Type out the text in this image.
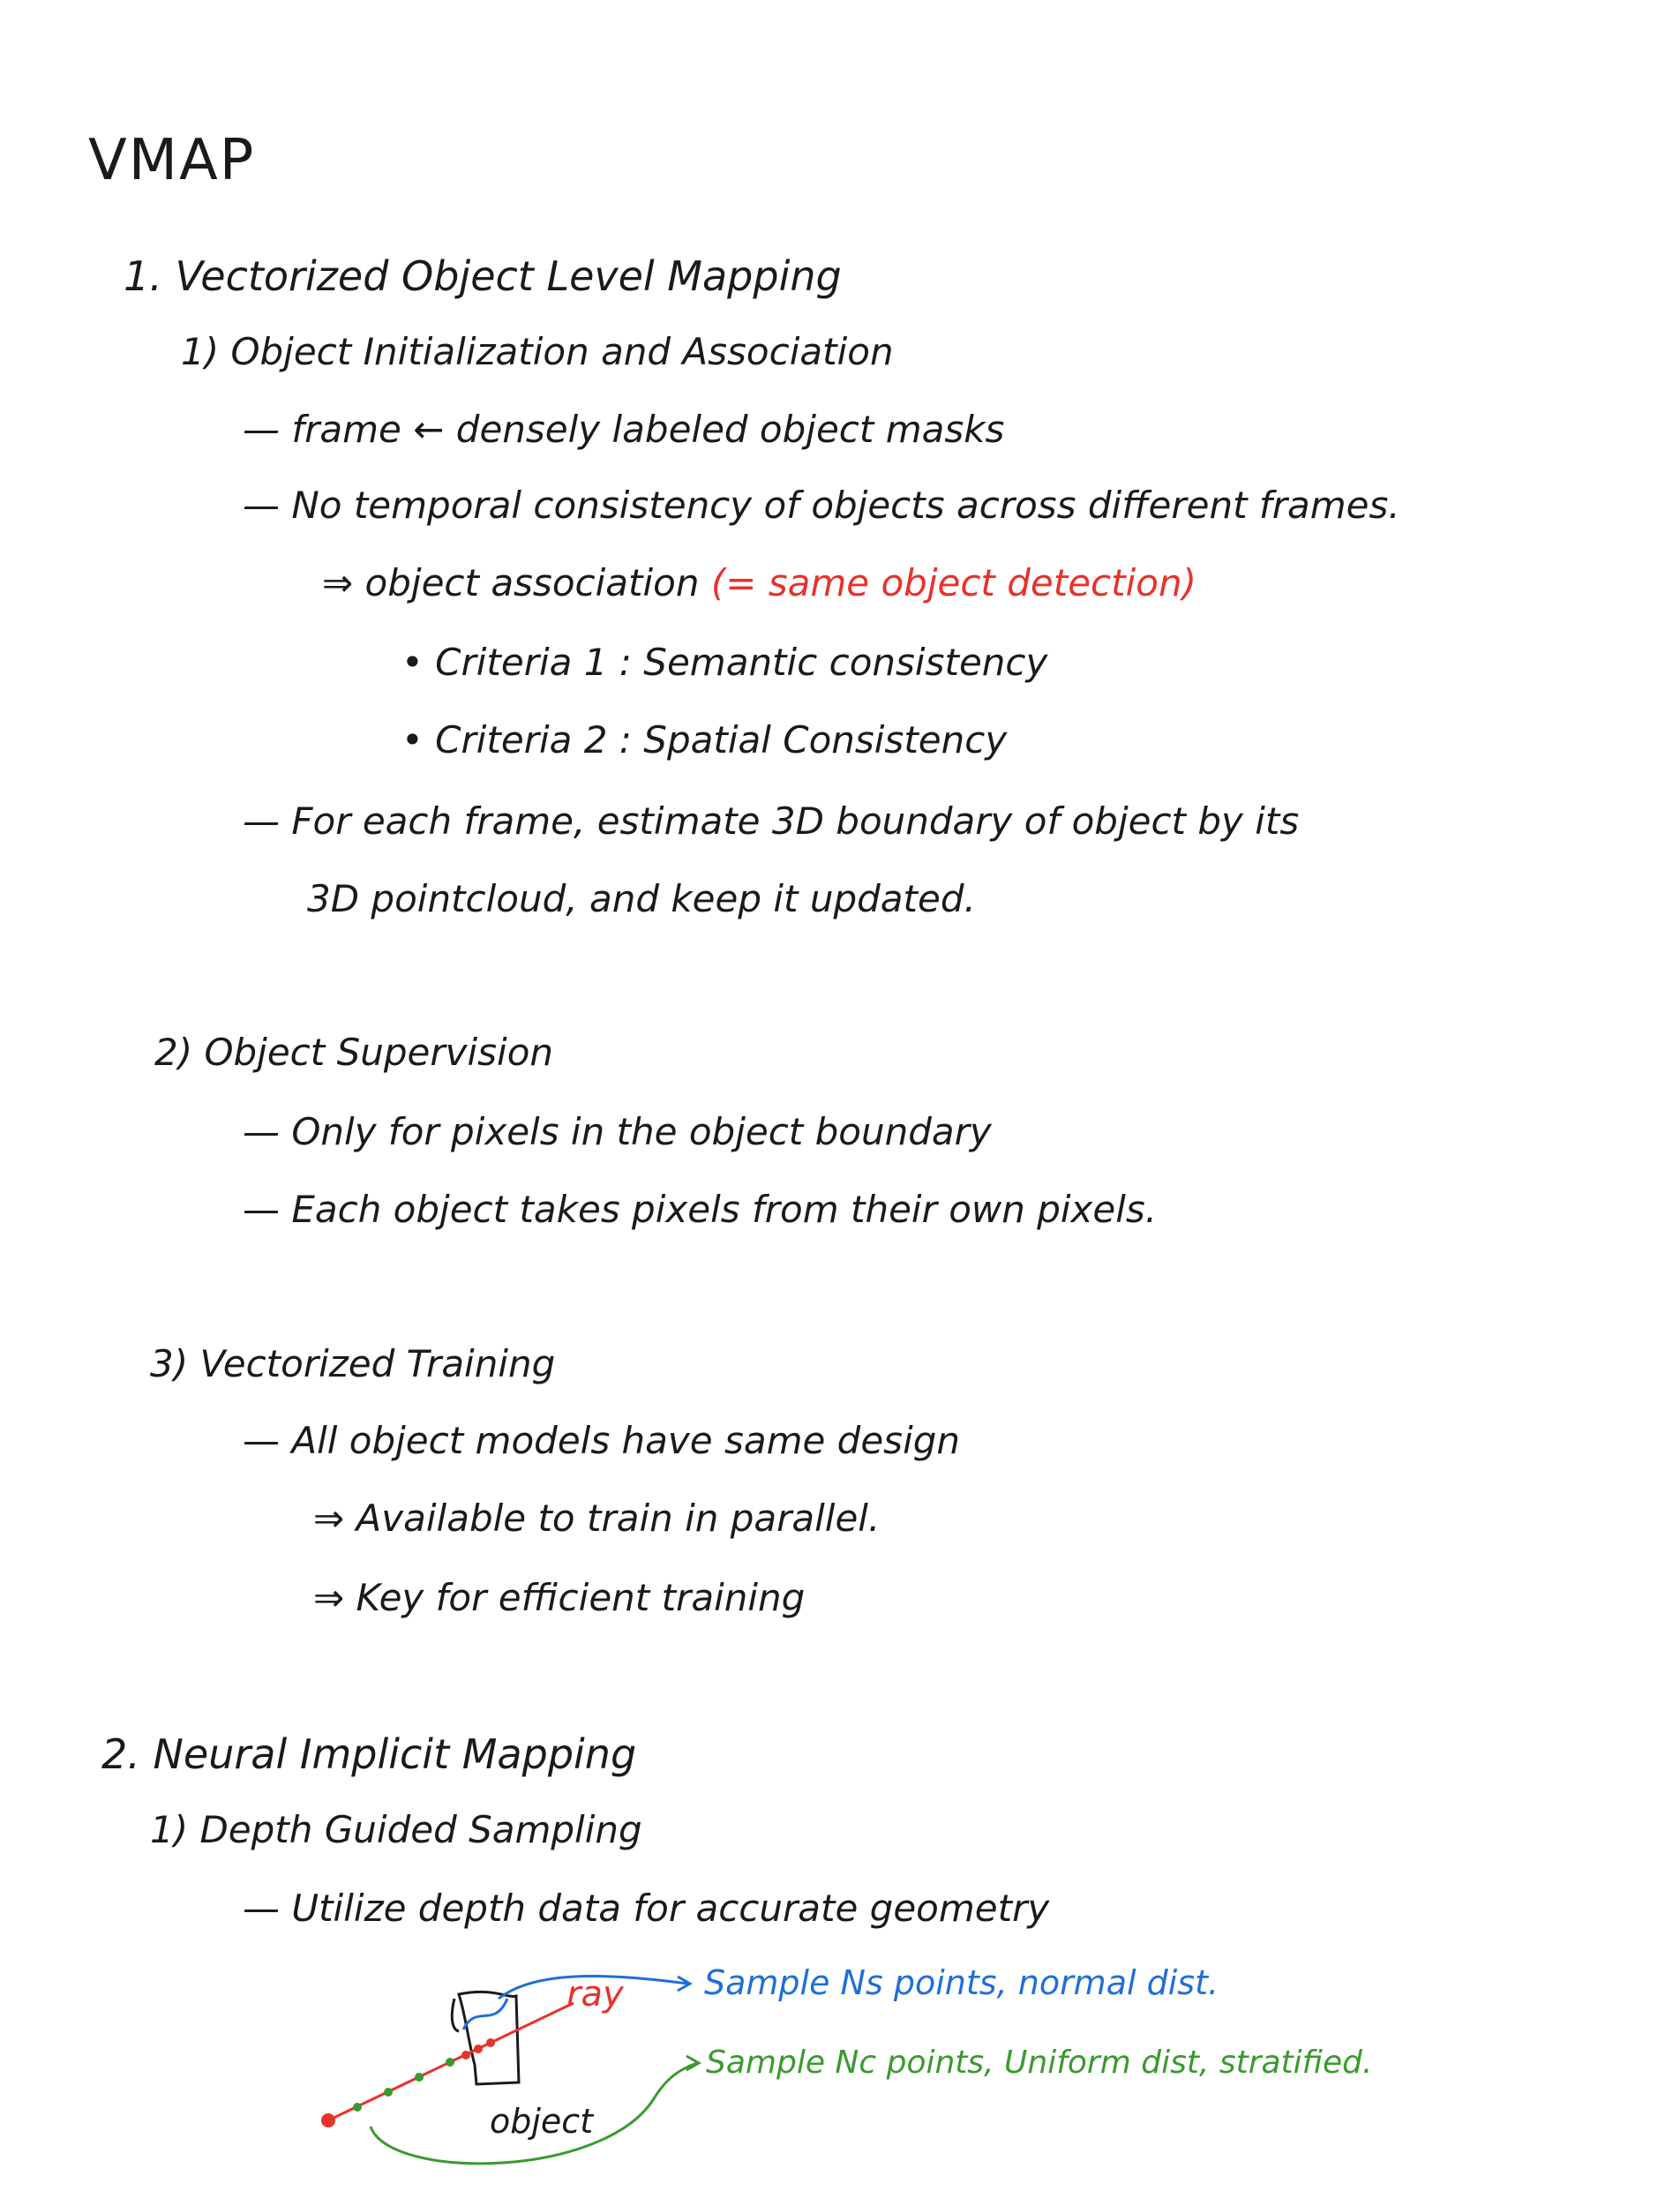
VMAP
1. Vectorized Object Level Mapping
1) Object Initialization and Association
— frame ← densely labeled object masks
— No temporal consistency of objects across different frames.
⇒ object association (= same object detection)
• Criteria 1 : Semantic consistency
• Criteria 2 : Spatial Consistency
— For each frame, estimate 3D boundary of object by its
3D pointcloud, and keep it updated.
2) Object Supervision
— Only for pixels in the object boundary
— Each object takes pixels from their own pixels.
3) Vectorized Training
— All object models have same design
⇒ Available to train in parallel.
⇒ Key for efficient training
2. Neural Implicit Mapping
1) Depth Guided Sampling
— Utilize depth data for accurate geometry
ray
object
Sample Ns points, normal dist.
Sample Nc points, Uniform dist, stratified.
